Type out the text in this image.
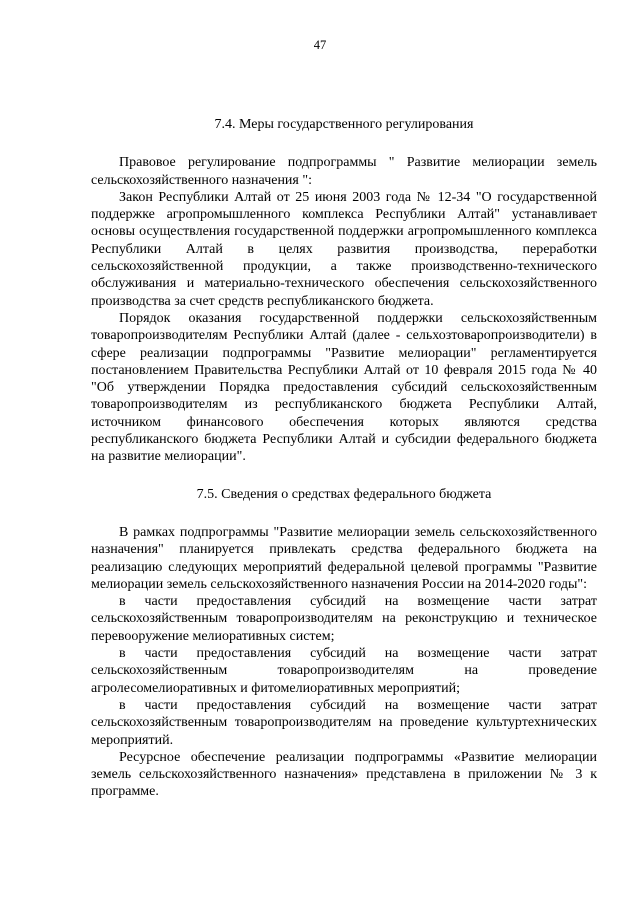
47
7.4. Меры государственного регулирования

Правовое регулирование подпрограммы " Развитие мелиорации земель сельскохозяйственного назначения ":

Закон Республики Алтай от 25 июня 2003 года № 12-34 "О государственной поддержке агропромышленного комплекса Республики Алтай" устанавливает основы осуществления государственной поддержки агропромышленного комплекса Республики Алтай в целях развития производства, переработки сельскохозяйственной продукции, а также производственно-технического обслуживания и материально-технического обеспечения сельскохозяйственного производства за счет средств республиканского бюджета.

Порядок оказания государственной поддержки сельскохозяйственным товаропроизводителям Республики Алтай (далее - сельхозтоваропроизводители) в сфере реализации подпрограммы "Развитие мелиорации" регламентируется постановлением Правительства Республики Алтай от 10 февраля 2015 года № 40 "Об утверждении Порядка предоставления субсидий сельскохозяйственным товаропроизводителям из республиканского бюджета Республики Алтай, источником финансового обеспечения которых являются средства республиканского бюджета Республики Алтай и субсидии федерального бюджета на развитие мелиорации".

7.5. Сведения о средствах федерального бюджета

В рамках подпрограммы "Развитие мелиорации земель сельскохозяйственного назначения" планируется привлекать средства федерального бюджета на реализацию следующих мероприятий федеральной целевой программы "Развитие мелиорации земель сельскохозяйственного назначения России на 2014-2020 годы":

в части предоставления субсидий на возмещение части затрат сельскохозяйственным товаропроизводителям на реконструкцию и техническое перевооружение мелиоративных систем;

в части предоставления субсидий на возмещение части затрат сельскохозяйственным товаропроизводителям на проведение агролесомелиоративных и фитомелиоративных мероприятий;

в части предоставления субсидий на возмещение части затрат сельскохозяйственным товаропроизводителям на проведение культуртехнических мероприятий.

Ресурсное обеспечение реализации подпрограммы «Развитие мелиорации земель сельскохозяйственного назначения» представлена в приложении № 3 к программе.
